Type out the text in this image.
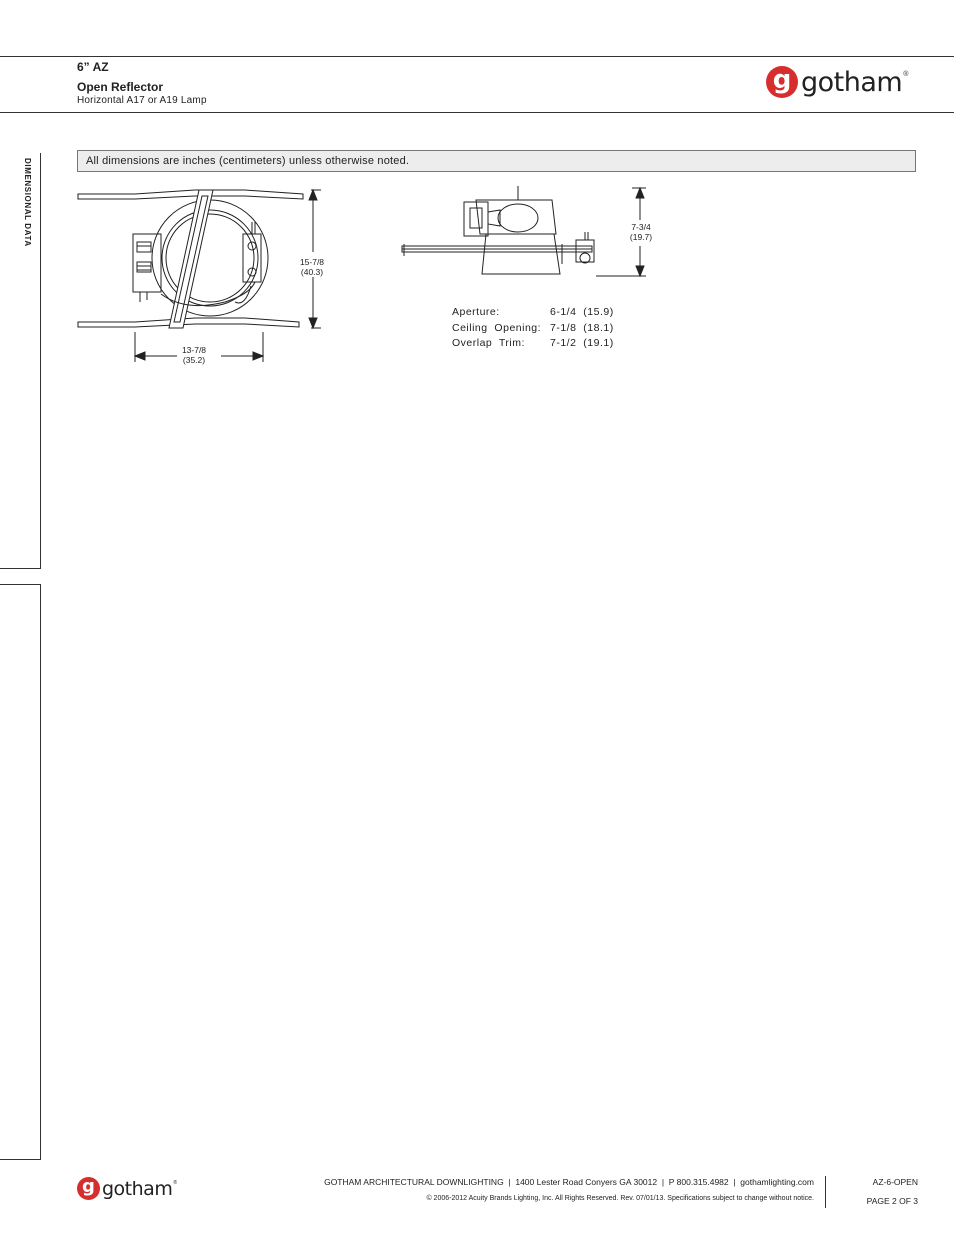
6” AZ
Open Reflector
Horizontal A17 or A19 Lamp
g gotham ®
DIMENSIONAL DATA	All dimensions are inches (centimeters) unless otherwise noted.
15-7/8
(40.3)
13-7/8
(35.2)
7-3/4
(19.7)
Aperture:	6-1/4  (15.9)
Ceiling  Opening: 7-1/8  (18.1)
Overlap  Trim:	7-1/2  (19.1)
g gotham ®	GOTHAM ARCHITECTURAL DOWNLIGHTING  |  1400 Lester Road Conyers GA 30012  |  P 800.315.4982  |  gothamlighting.com
© 2006-2012 Acuity Brands Lighting, Inc. All Rights Reserved. Rev. 07/01/13. Specifications subject to change without notice.
AZ-6-OPEN
PAGE 2 OF 3
